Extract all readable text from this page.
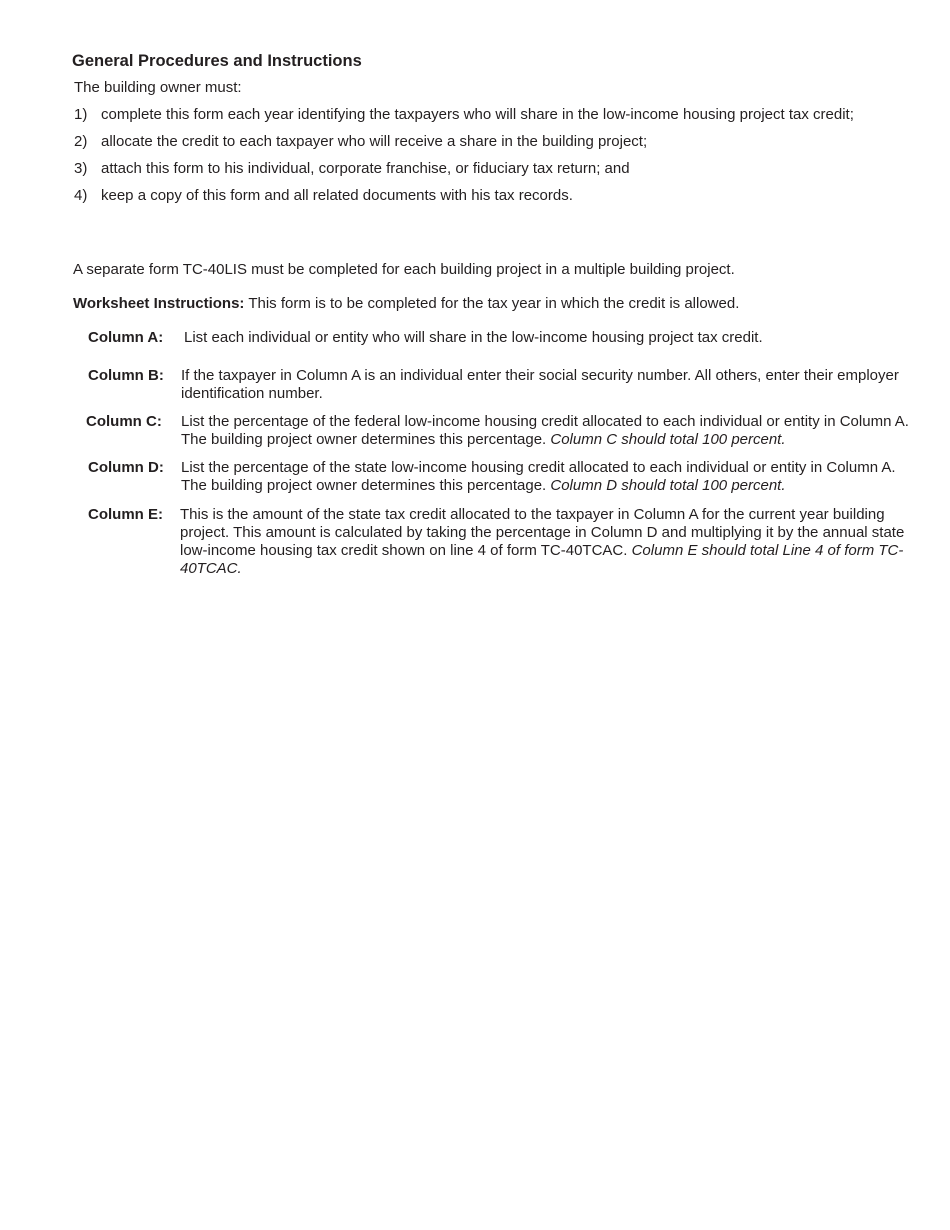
General Procedures and Instructions
The building owner must:
1) complete this form each year identifying the taxpayers who will share in the low-income housing project tax credit;
2) allocate the credit to each taxpayer who will receive a share in the building project;
3) attach this form to his individual, corporate franchise, or fiduciary tax return; and
4) keep a copy of this form and all related documents with his tax records.
A separate form TC-40LIS must be completed for each building project in a multiple building project.
Worksheet Instructions: This form is to be completed for the tax year in which the credit is allowed.
Column A: List each individual or entity who will share in the low-income housing project tax credit.
Column B: If the taxpayer in Column A is an individual enter their social security number. All others, enter their employer identification number.
Column C: List the percentage of the federal low-income housing credit allocated to each individual or entity in Column A. The building project owner determines this percentage. Column C should total 100 percent.
Column D: List the percentage of the state low-income housing credit allocated to each individual or entity in Column A. The building project owner determines this percentage. Column D should total 100 percent.
Column E: This is the amount of the state tax credit allocated to the taxpayer in Column A for the current year building project. This amount is calculated by taking the percentage in Column D and multiplying it by the annual state low-income housing tax credit shown on line 4 of form TC-40TCAC. Column E should total Line 4 of form TC-40TCAC.
